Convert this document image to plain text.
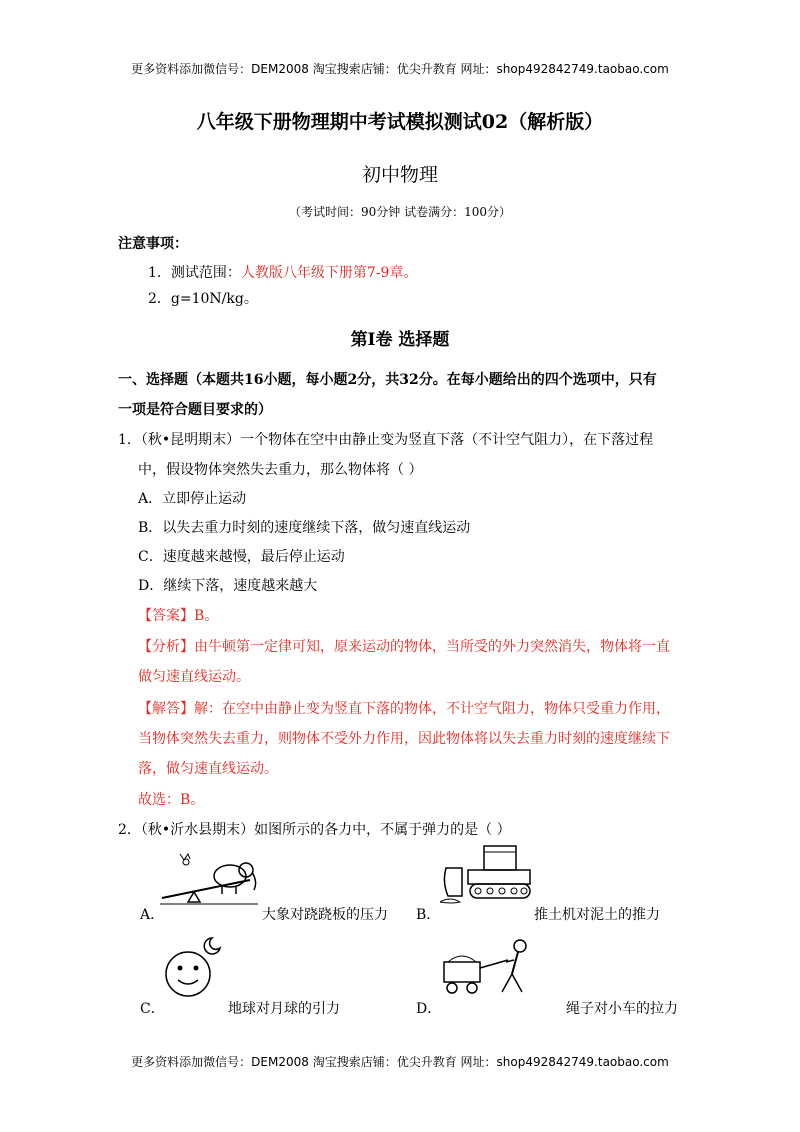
更多资料添加微信号：DEM2008 淘宝搜索店铺：优尖升教育 网址：shop492842749.taobao.com
八年级下册物理期中考试模拟测试02（解析版）
初中物理
（考试时间：90分钟 试卷满分：100分）
注意事项：
1．测试范围：人教版八年级下册第7-9章。
2．g=10N/kg。
第Ⅰ卷 选择题
一、选择题（本题共16小题，每小题2分，共32分。在每小题给出的四个选项中，只有
一项是符合题目要求的）
1．（秋•昆明期末）一个物体在空中由静止变为竖直下落（不计空气阻力），在下落过程
中，假设物体突然失去重力，那么物体将（ ）
A．立即停止运动
B．以失去重力时刻的速度继续下落，做匀速直线运动
C．速度越来越慢，最后停止运动
D．继续下落，速度越来越大
【答案】B。
【分析】由牛顿第一定律可知，原来运动的物体，当所受的外力突然消失，物体将一直
做匀速直线运动。
【解答】解：在空中由静止变为竖直下落的物体，不计空气阻力，物体只受重力作用，
当物体突然失去重力，则物体不受外力作用，因此物体将以失去重力时刻的速度继续下
落，做匀速直线运动。
故选：B。
2．（秋•沂水县期末）如图所示的各力中，不属于弹力的是（ ）
A．	大象对跷跷板的压力 B．	推土机对泥土的推力
C．	地球对月球的引力	D．	绳子对小车的拉力
更多资料添加微信号：DEM2008 淘宝搜索店铺：优尖升教育 网址：shop492842749.taobao.com
